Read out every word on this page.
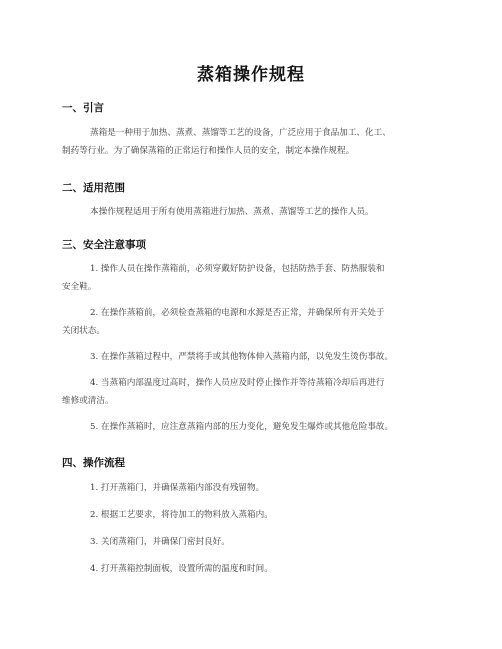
蒸箱操作规程
一、引言
蒸箱是一种用于加热、蒸煮、蒸馏等工艺的设备，广泛应用于食品加工、化工、
制药等行业。为了确保蒸箱的正常运行和操作人员的安全，制定本操作规程。
二、适用范围
本操作规程适用于所有使用蒸箱进行加热、蒸煮、蒸馏等工艺的操作人员。
三、安全注意事项
1. 操作人员在操作蒸箱前，必须穿戴好防护设备，包括防热手套、防热服装和
安全鞋。
2. 在操作蒸箱前，必须检查蒸箱的电源和水源是否正常，并确保所有开关处于
关闭状态。
3. 在操作蒸箱过程中，严禁将手或其他物体伸入蒸箱内部，以免发生烫伤事故。
4. 当蒸箱内部温度过高时，操作人员应及时停止操作并等待蒸箱冷却后再进行
维修或清洁。
5. 在操作蒸箱时，应注意蒸箱内部的压力变化，避免发生爆炸或其他危险事故。
四、操作流程
1. 打开蒸箱门，并确保蒸箱内部没有残留物。
2. 根据工艺要求，将待加工的物料放入蒸箱内。
3. 关闭蒸箱门，并确保门密封良好。
4. 打开蒸箱控制面板，设置所需的温度和时间。
